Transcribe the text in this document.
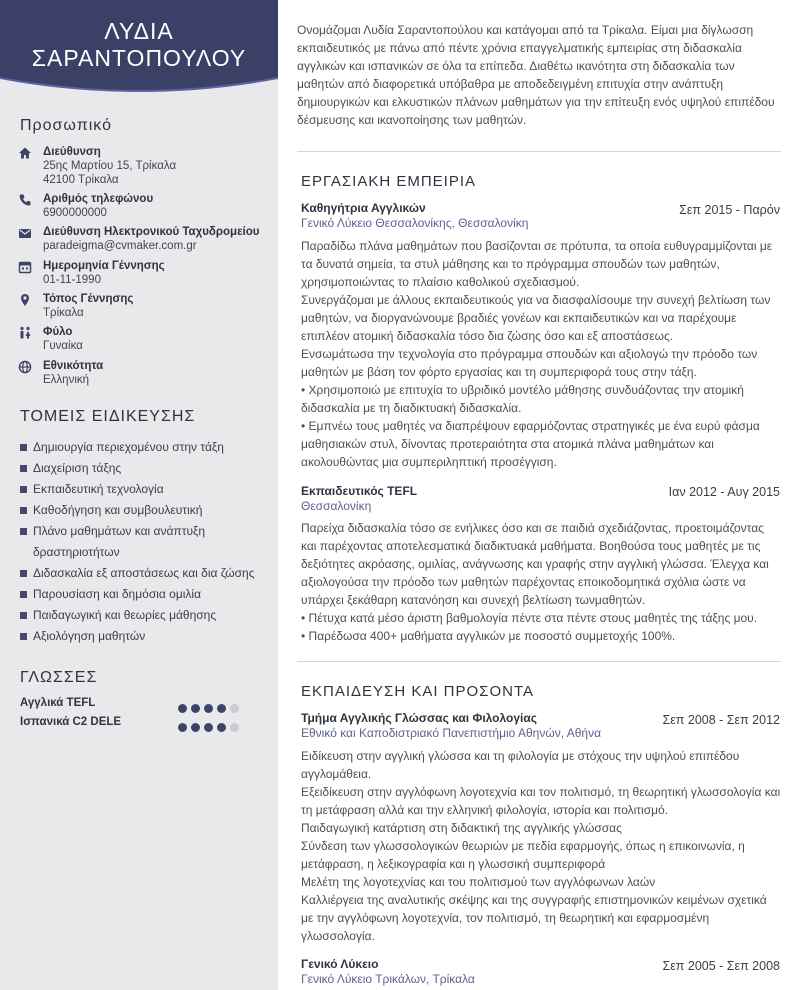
ΛΥΔΙΑ
ΣΑΡΑΝΤΟΠΟΥΛΟΥ
Προσωπικό
Διεύθυνση
25ης Μαρτίου 15, Τρίκαλα
42100 Τρίκαλα
Αριθμός τηλεφώνου
6900000000
Διεύθυνση Ηλεκτρονικού Ταχυδρομείου
paradeigma@cvmaker.com.gr
Ημερομηνία Γέννησης
01-11-1990
Τόπος Γέννησης
Τρίκαλα
Φύλο
Γυναίκα
Εθνικότητα
Ελληνική
ΤΟΜΕΙΣ ΕΙΔΙΚΕΥΣΗΣ
Δημιουργία περιεχομένου στην τάξη
Διαχείριση τάξης
Εκπαιδευτική τεχνολογία
Καθοδήγηση και συμβουλευτική
Πλάνο μαθημάτων και ανάπτυξη δραστηριοτήτων
Διδασκαλία εξ αποστάσεως και δια ζώσης
Παρουσίαση και δημόσια ομιλία
Παιδαγωγική και θεωρίες μάθησης
Αξιολόγηση μαθητών
ΓΛΩΣΣΕΣ
Αγγλικά TEFL
Ισπανικά C2 DELE
Ονομάζομαι Λυδία Σαραντοπούλου και κατάγομαι από τα Τρίκαλα. Είμαι μια δίγλωσση εκπαιδευτικός με πάνω από πέντε χρόνια επαγγελματικής εμπειρίας στη διδασκαλία αγγλικών και ισπανικών σε όλα τα επίπεδα. Διαθέτω ικανότητα στη διδασκαλία των μαθητών από διαφορετικά υπόβαθρα με αποδεδειγμένη επιτυχία στην ανάπτυξη δημιουργικών και ελκυστικών πλάνων μαθημάτων για την επίτευξη ενός υψηλού επιπέδου δέσμευσης και ικανοποίησης των μαθητών.
ΕΡΓΑΣΙΑΚΗ ΕΜΠΕΙΡΙΑ
Καθηγήτρια Αγγλικών	Σεπ 2015 - Παρόν
Γενικό Λύκειο Θεσσαλονίκης, Θεσσαλονίκη

Παραδίδω πλάνα μαθημάτων που βασίζονται σε πρότυπα, τα οποία ευθυγραμμίζονται με τα δυνατά σημεία, τα στυλ μάθησης και το πρόγραμμα σπουδών των μαθητών, χρησιμοποιώντας το πλαίσιο καθολικού σχεδιασμού.

Συνεργάζομαι με άλλους εκπαιδευτικούς για να διασφαλίσουμε την συνεχή βελτίωση των μαθητών, να διοργανώνουμε βραδιές γονέων και εκπαιδευτικών και να παρέχουμε επιπλέον ατομική διδασκαλία τόσο δια ζώσης όσο και εξ αποστάσεως.

Ενσωμάτωσα την τεχνολογία στο πρόγραμμα σπουδών και αξιολογώ την πρόοδο των μαθητών με βάση τον φόρτο εργασίας και τη συμπεριφορά τους στην τάξη.

• Χρησιμοποιώ με επιτυχία το υβριδικό μοντέλο μάθησης συνδυάζοντας την ατομική διδασκαλία με τη διαδικτυακή διδασκαλία.

• Εμπνέω τους μαθητές να διαπρέψουν εφαρμόζοντας στρατηγικές με ένα ευρύ φάσμα μαθησιακών στυλ, δίνοντας προτεραιότητα στα ατομικά πλάνα μαθημάτων και ακολουθώντας μια συμπεριληπτική προσέγγιση.

Εκπαιδευτικός TEFL	Ιαν 2012 - Αυγ 2015
Θεσσαλονίκη

Παρείχα διδασκαλία τόσο σε ενήλικες όσο και σε παιδιά σχεδιάζοντας, προετοιμάζοντας και παρέχοντας αποτελεσματικά διαδικτυακά μαθήματα. Βοηθούσα τους μαθητές με τις δεξιότητες ακρόασης, ομιλίας, ανάγνωσης και γραφής στην αγγλική γλώσσα. Έλεγχα και αξιολογούσα την πρόοδο των μαθητών παρέχοντας εποικοδομητικά σχόλια ώστε να υπάρχει ξεκάθαρη κατανόηση και συνεχή βελτίωση τωνμαθητών.

• Πέτυχα κατά μέσο άριστη βαθμολογία πέντε στα πέντε στους μαθητές της τάξης μου.

• Παρέδωσα 400+ μαθήματα αγγλικών με ποσοστό συμμετοχής 100%.

ΕΚΠΑΙΔΕΥΣΗ ΚΑΙ ΠΡΟΣΟΝΤΑ
Τμήμα Αγγλικής Γλώσσας και Φιλολογίας	Σεπ 2008 - Σεπ 2012
Εθνικό και Καποδιστριακό Πανεπιστήμιο Αθηνών, Αθήνα

Ειδίκευση στην αγγλική γλώσσα και τη φιλολογία με στόχους την υψηλού επιπέδου αγγλομάθεια.

Εξειδίκευση στην αγγλόφωνη λογοτεχνία και τον πολιτισμό, τη θεωρητική γλωσσολογία και τη μετάφραση αλλά και την ελληνική φιλολογία, ιστορία και πολιτισμό.

Παιδαγωγική κατάρτιση στη διδακτική της αγγλικής γλώσσας

Σύνδεση των γλωσσολογικών θεωριών με πεδία εφαρμογής, όπως η επικοινωνία, η μετάφραση, η λεξικογραφία και η γλωσσική συμπεριφορά

Μελέτη της λογοτεχνίας και του πολιτισμού των αγγλόφωνων λαών

Καλλιέργεια της αναλυτικής σκέψης και της συγγραφής επιστημονικών κειμένων σχετικά με την αγγλόφωνη λογοτεχνία, τον πολιτισμό, τη θεωρητική και εφαρμοσμένη γλωσσολογία.

Γενικό Λύκειο	Σεπ 2005 - Σεπ 2008
Γενικό Λύκειο Τρικάλων, Τρίκαλα
